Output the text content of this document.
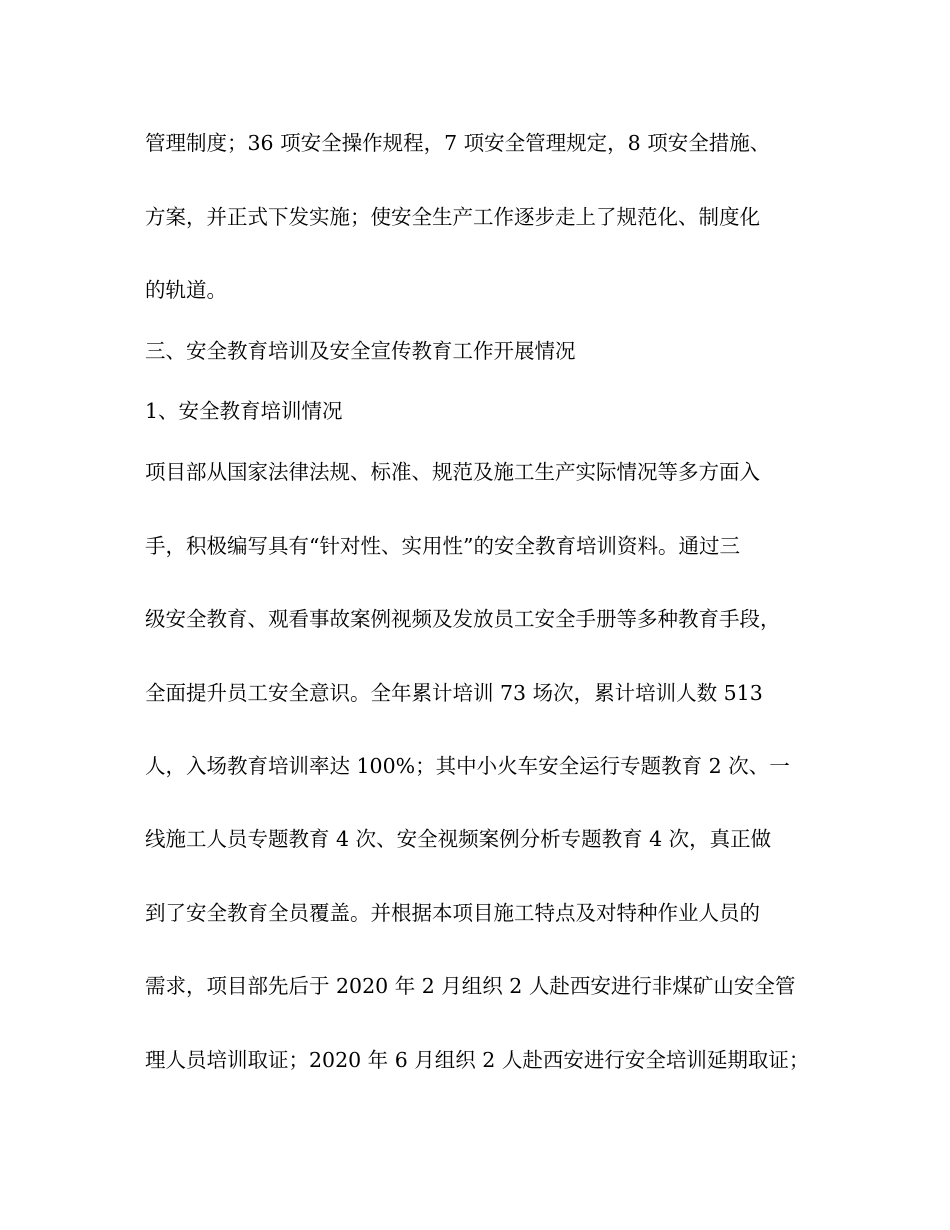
管理制度；36 项安全操作规程，7 项安全管理规定，8 项安全措施、
方案，并正式下发实施；使安全生产工作逐步走上了规范化、制度化
的轨道。
三、安全教育培训及安全宣传教育工作开展情况
1、安全教育培训情况
项目部从国家法律法规、标准、规范及施工生产实际情况等多方面入
手，积极编写具有“针对性、实用性”的安全教育培训资料。通过三
级安全教育、观看事故案例视频及发放员工安全手册等多种教育手段，
全面提升员工安全意识。全年累计培训 73 场次，累计培训人数 513
人，入场教育培训率达 100%；其中小火车安全运行专题教育 2 次、一
线施工人员专题教育 4 次、安全视频案例分析专题教育 4 次，真正做
到了安全教育全员覆盖。并根据本项目施工特点及对特种作业人员的
需求，项目部先后于 2020 年 2 月组织 2 人赴西安进行非煤矿山安全管
理人员培训取证；2020 年 6 月组织 2 人赴西安进行安全培训延期取证；
